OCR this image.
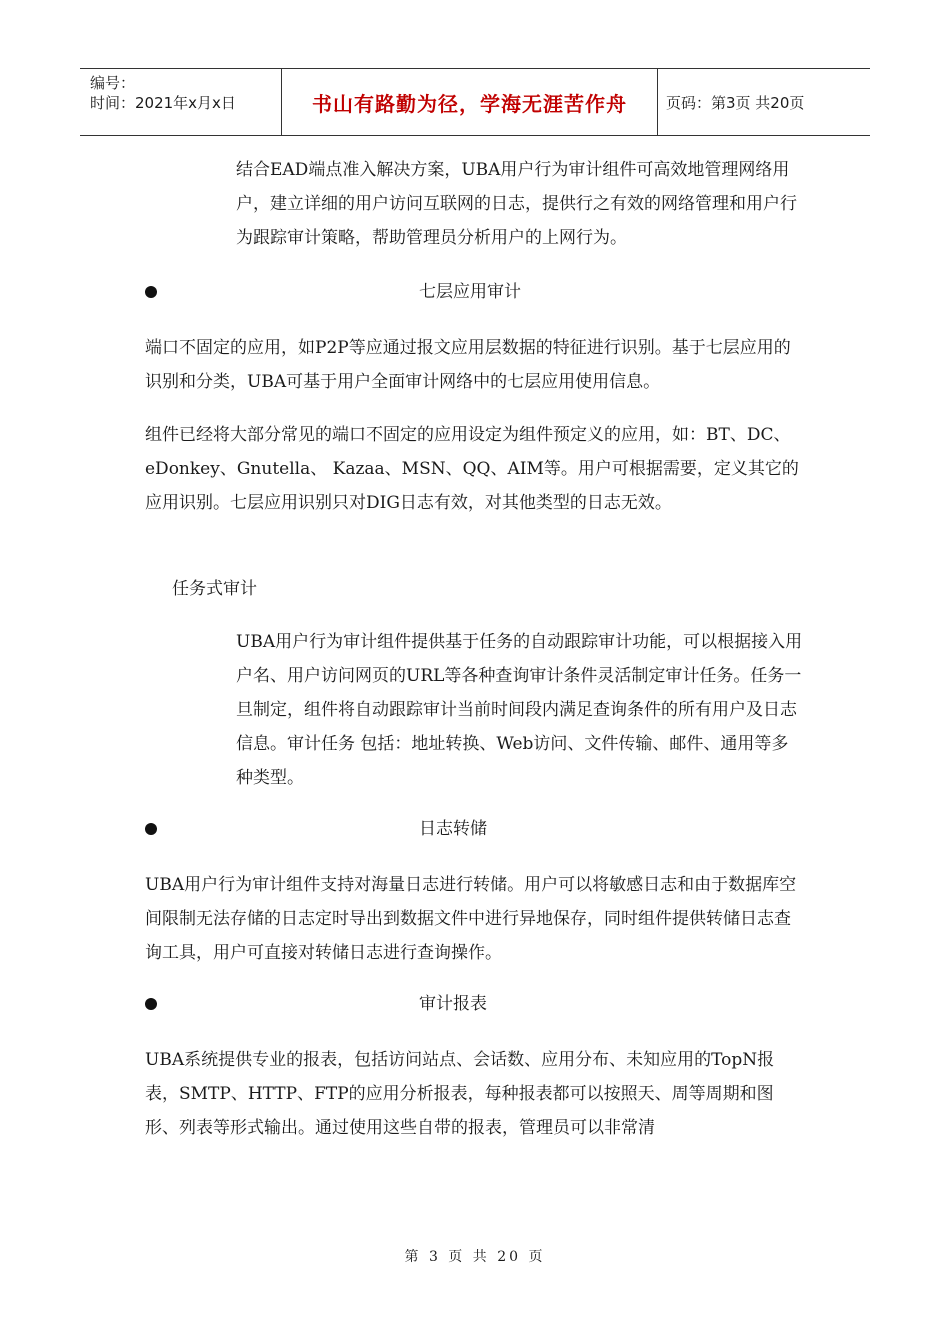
编号：
时间：2021年x月x日	书山有路勤为径，学海无涯苦作舟	页码：第3页 共20页
结合EAD端点准入解决方案，UBA用户行为审计组件可高效地管理网络用户，建立详细的用户访问互联网的日志，提供行之有效的网络管理和用户行为跟踪审计策略，帮助管理员分析用户的上网行为。
七层应用审计
端口不固定的应用，如P2P等应通过报文应用层数据的特征进行识别。基于七层应用的识别和分类，UBA可基于用户全面审计网络中的七层应用使用信息。
组件已经将大部分常见的端口不固定的应用设定为组件预定义的应用，如：BT、DC、eDonkey、Gnutella、 Kazaa、MSN、QQ、AIM等。用户可根据需要，定义其它的应用识别。七层应用识别只对DIG日志有效，对其他类型的日志无效。
任务式审计
UBA用户行为审计组件提供基于任务的自动跟踪审计功能，可以根据接入用户名、用户访问网页的URL等各种查询审计条件灵活制定审计任务。任务一旦制定，组件将自动跟踪审计当前时间段内满足查询条件的所有用户及日志信息。审计任务 包括：地址转换、Web访问、文件传输、邮件、通用等多种类型。
日志转储
UBA用户行为审计组件支持对海量日志进行转储。用户可以将敏感日志和由于数据库空间限制无法存储的日志定时导出到数据文件中进行异地保存，同时组件提供转储日志查询工具，用户可直接对转储日志进行查询操作。
审计报表
UBA系统提供专业的报表，包括访问站点、会话数、应用分布、未知应用的TopN报表，SMTP、HTTP、FTP的应用分析报表，每种报表都可以按照天、周等周期和图形、列表等形式输出。通过使用这些自带的报表，管理员可以非常清
第 3 页 共 20 页
